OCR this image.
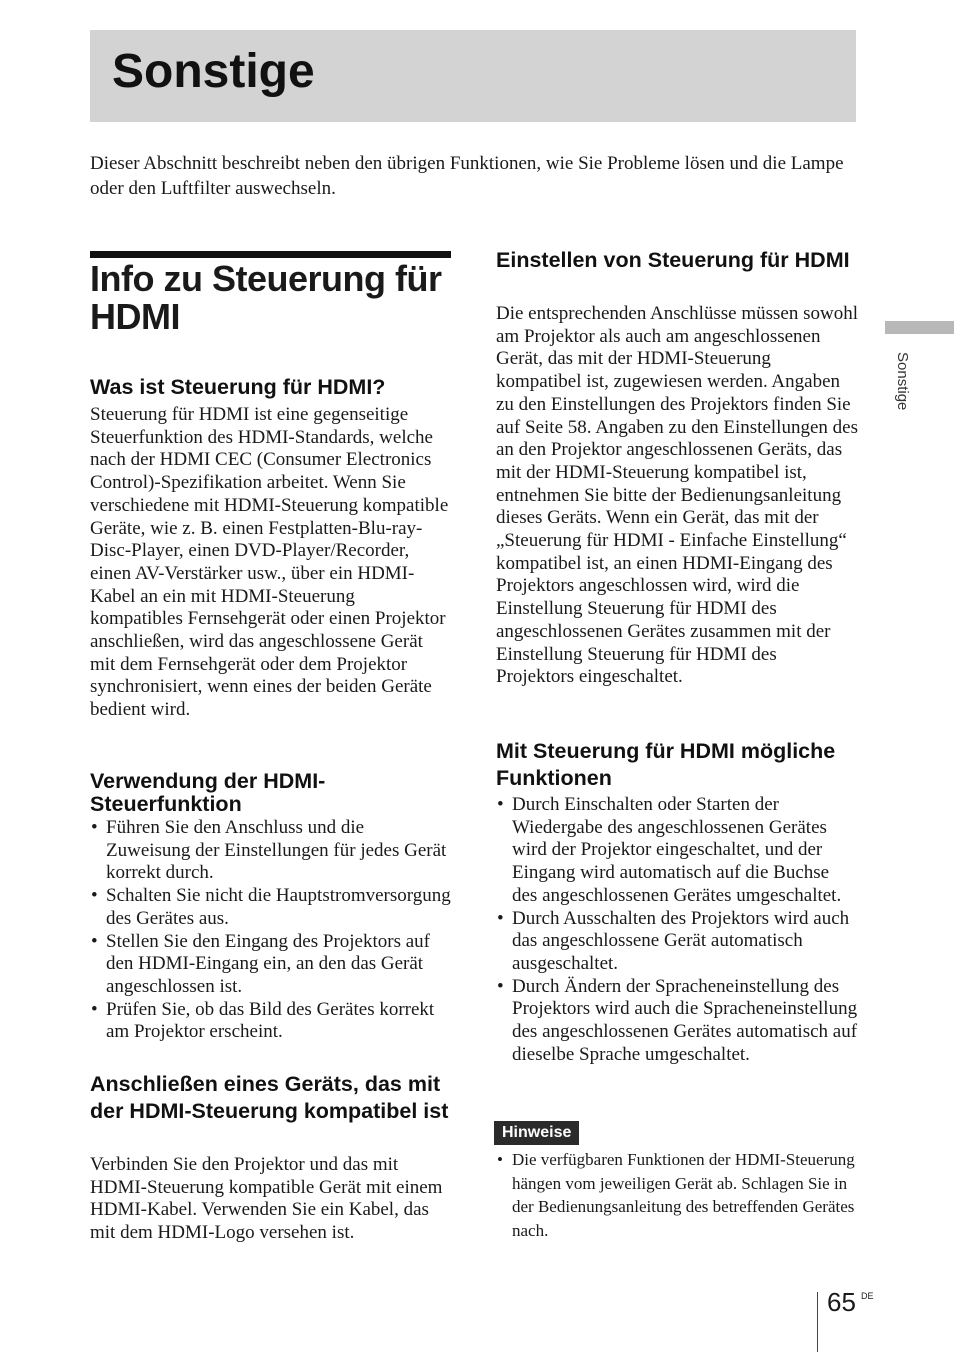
Sonstige

Dieser Abschnitt beschreibt neben den übrigen Funktionen, wie Sie Probleme lösen und die Lampe oder den Luftfilter auswechseln.

Info zu Steuerung für HDMI
Was ist Steuerung für HDMI?

Steuerung für HDMI ist eine gegenseitige Steuerfunktion des HDMI-Standards, welche nach der HDMI CEC (Consumer Electronics Control)-Spezifikation arbeitet. Wenn Sie verschiedene mit HDMI-Steuerung kompatible Geräte, wie z. B. einen Festplatten-Blu-ray-Disc-Player, einen DVD-Player/Recorder, einen AV-Verstärker usw., über ein HDMI-Kabel an ein mit HDMI-Steuerung kompatibles Fernsehgerät oder einen Projektor anschließen, wird das angeschlossene Gerät mit dem Fernsehgerät oder dem Projektor synchronisiert, wenn eines der beiden Geräte bedient wird.

Verwendung der HDMI-Steuerfunktion
• Führen Sie den Anschluss und die Zuweisung der Einstellungen für jedes Gerät korrekt durch.
• Schalten Sie nicht die Hauptstromversorgung des Gerätes aus.
• Stellen Sie den Eingang des Projektors auf den HDMI-Eingang ein, an den das Gerät angeschlossen ist.
• Prüfen Sie, ob das Bild des Gerätes korrekt am Projektor erscheint.
Anschließen eines Geräts, das mit der HDMI-Steuerung kompatibel ist

Verbinden Sie den Projektor und das mit HDMI-Steuerung kompatible Gerät mit einem HDMI-Kabel. Verwenden Sie ein Kabel, das mit dem HDMI-Logo versehen ist.

Einstellen von Steuerung für HDMI

Die entsprechenden Anschlüsse müssen sowohl am Projektor als auch am angeschlossenen Gerät, das mit der HDMI-Steuerung kompatibel ist, zugewiesen werden. Angaben zu den Einstellungen des Projektors finden Sie auf Seite 58. Angaben zu den Einstellungen des an den Projektor angeschlossenen Geräts, das mit der HDMI-Steuerung kompatibel ist, entnehmen Sie bitte der Bedienungsanleitung dieses Geräts. Wenn ein Gerät, das mit der „Steuerung für HDMI - Einfache Einstellung“ kompatibel ist, an einen HDMI-Eingang des Projektors angeschlossen wird, wird die Einstellung Steuerung für HDMI des angeschlossenen Gerätes zusammen mit der Einstellung Steuerung für HDMI des Projektors eingeschaltet.

Mit Steuerung für HDMI mögliche Funktionen
• Durch Einschalten oder Starten der Wiedergabe des angeschlossenen Gerätes wird der Projektor eingeschaltet, und der Eingang wird automatisch auf die Buchse des angeschlossenen Gerätes umgeschaltet.
• Durch Ausschalten des Projektors wird auch das angeschlossene Gerät automatisch ausgeschaltet.
• Durch Ändern der Spracheneinstellung des Projektors wird auch die Spracheneinstellung des angeschlossenen Gerätes automatisch auf dieselbe Sprache umgeschaltet.
Hinweise
• Die verfügbaren Funktionen der HDMI-Steuerung hängen vom jeweiligen Gerät ab. Schlagen Sie in der Bedienungsanleitung des betreffenden Gerätes nach.
Sonstige
65 DE
